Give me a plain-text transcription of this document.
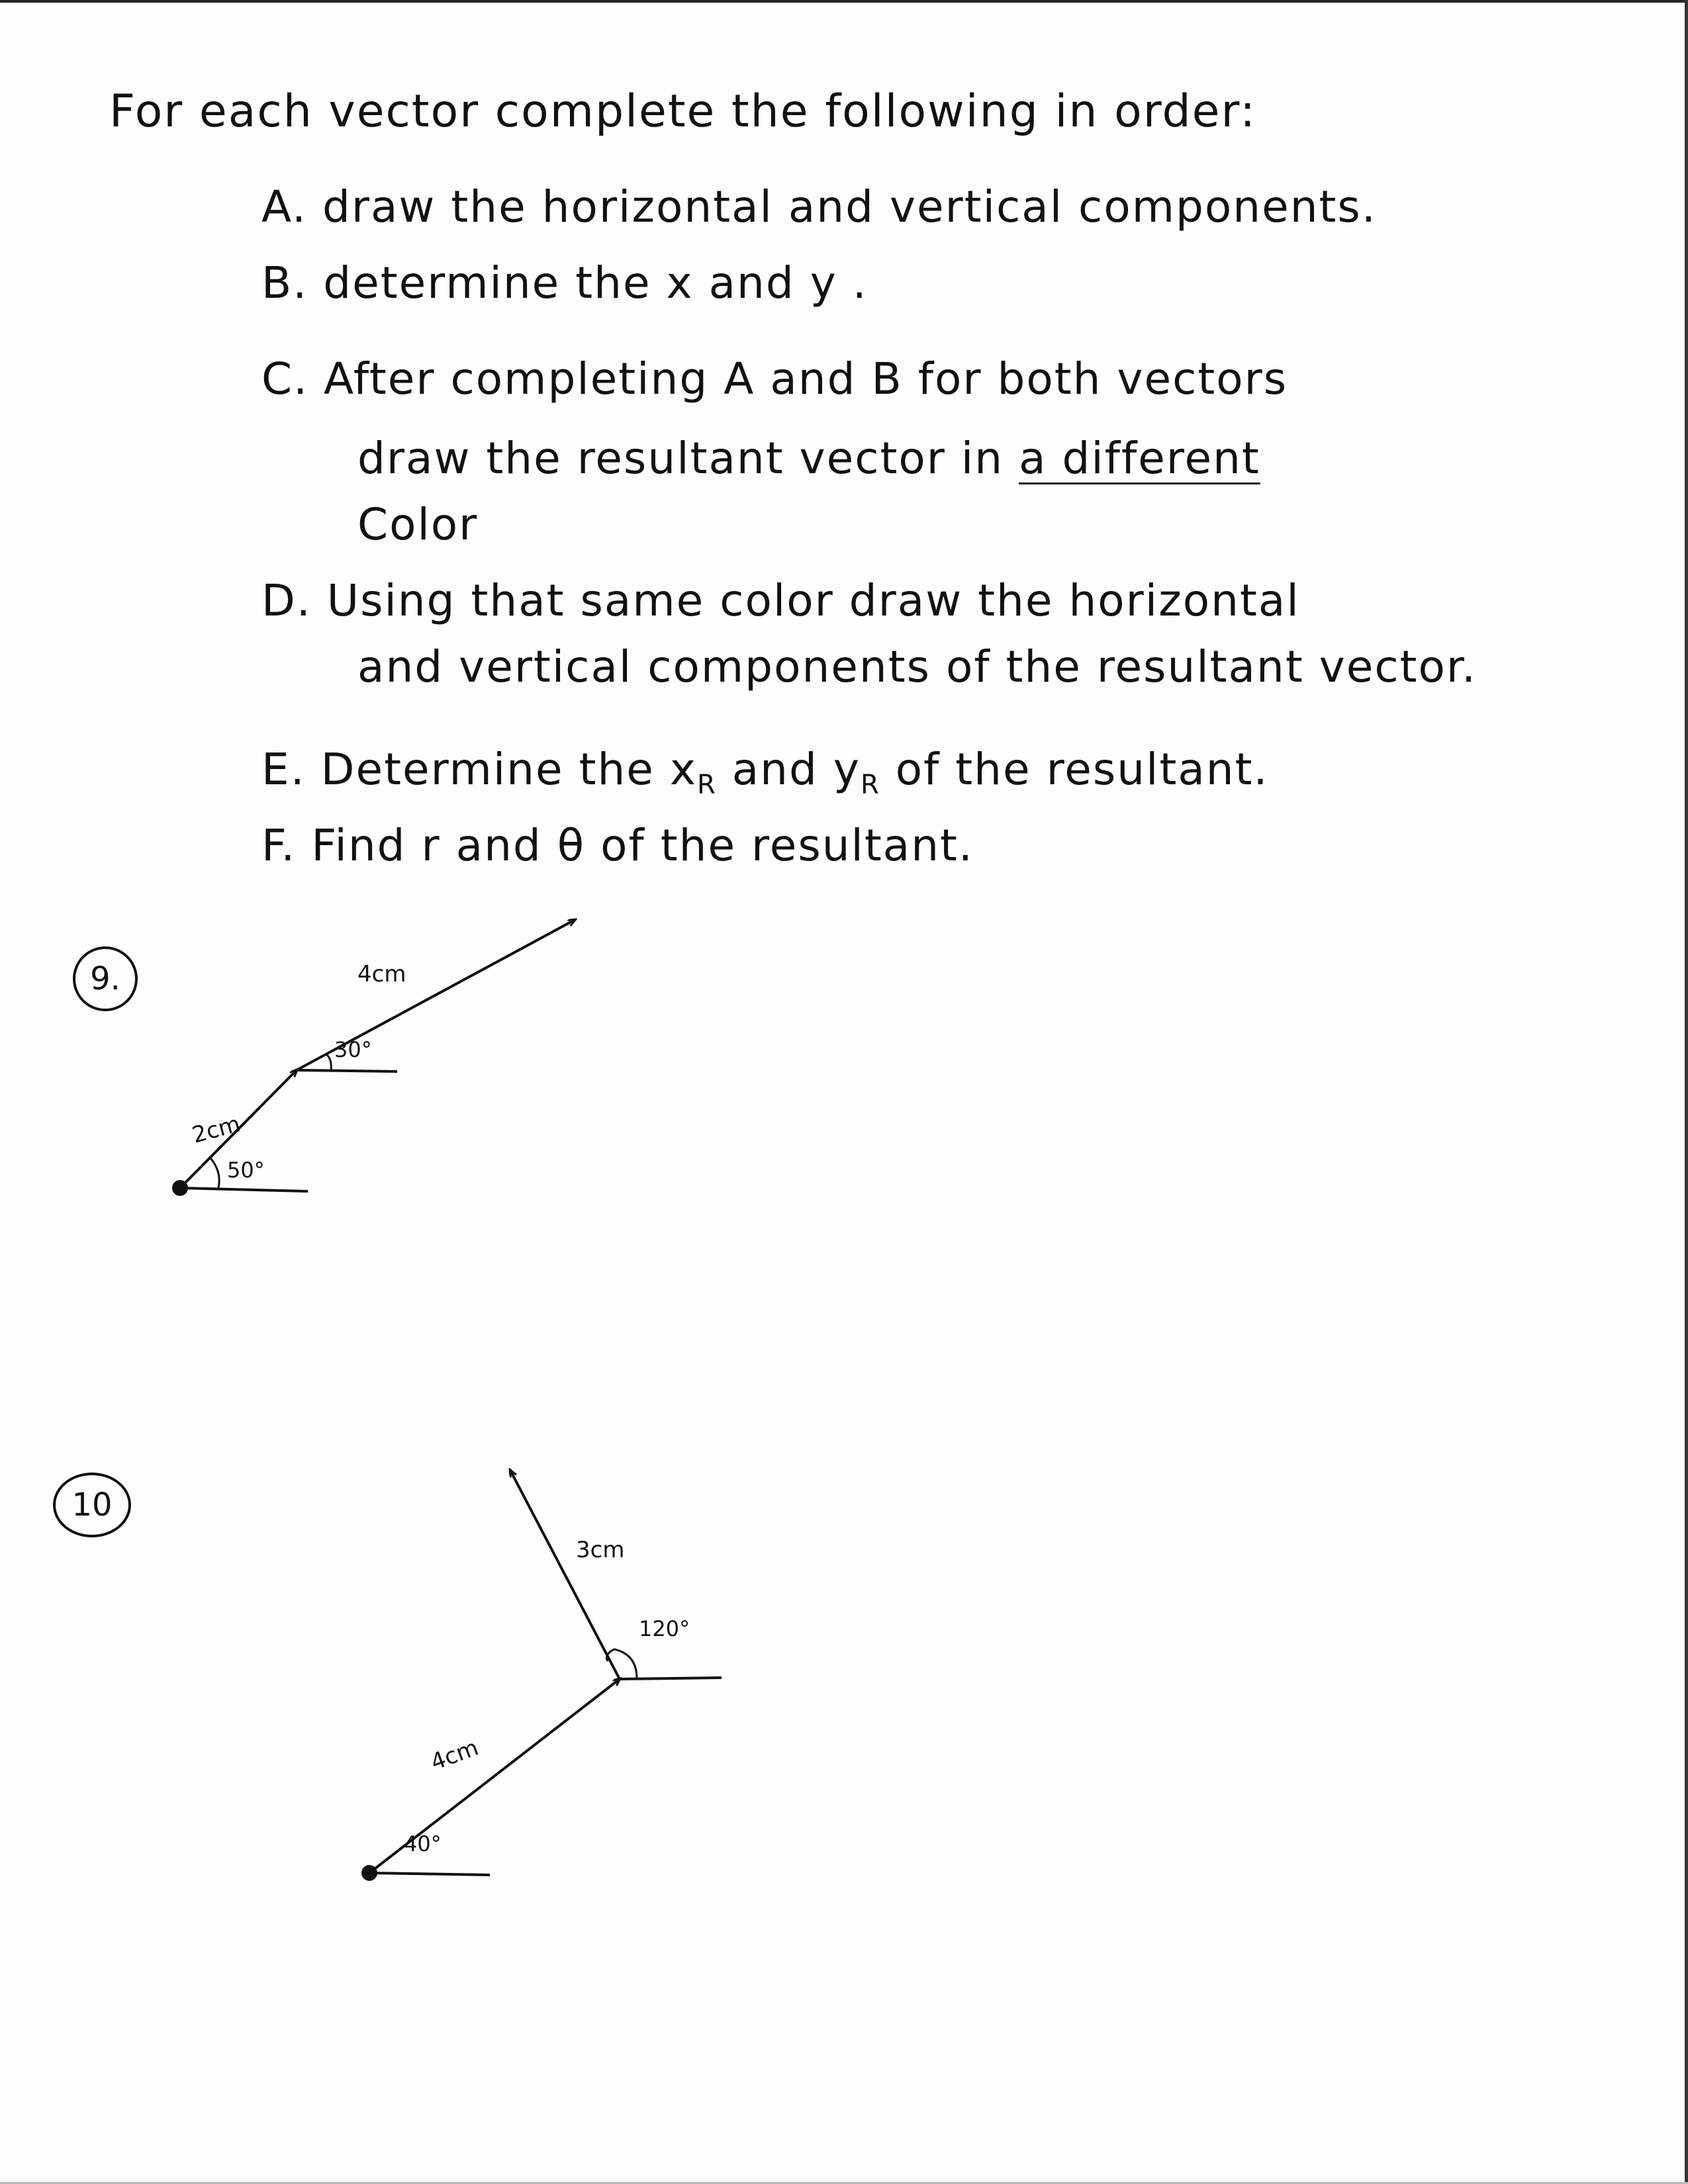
For each vector complete the following in order:
A. draw the horizontal and vertical components.
B. determine the x and y .
C. After completing A and B for both vectors
draw the resultant vector in a different
Color
D. Using that same color draw the horizontal
and vertical components of the resultant vector.
E. Determine the $x_R$ and $y_R$ of the resultant.
F. Find r and θ of the resultant.
9.
10
2cm
50°
4cm
30°
4cm
40°
3cm
120°
